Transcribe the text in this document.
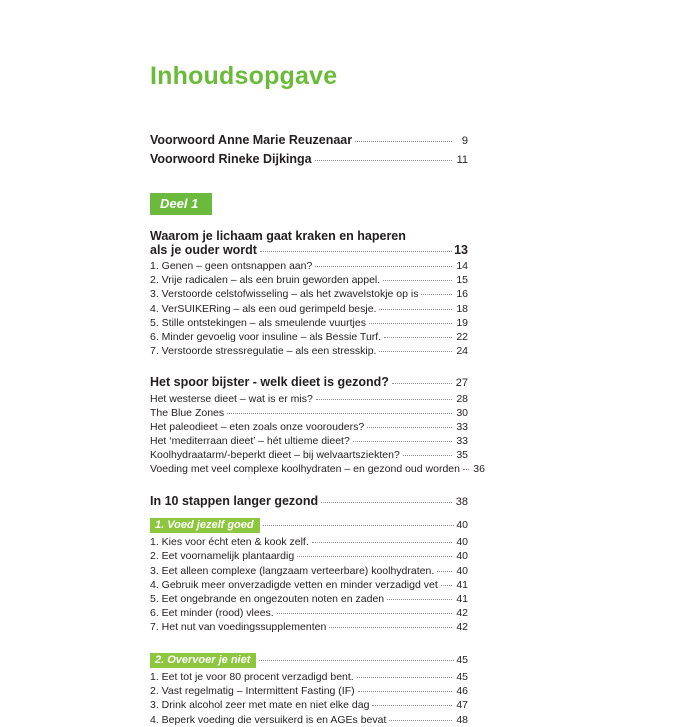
Inhoudsopgave
Voorwoord Anne Marie Reuzenaar	9
Voorwoord Rineke Dijkinga	11
Deel 1
Waarom je lichaam gaat kraken en haperen
als je ouder wordt	13
1. Genen – geen ontsnappen aan?	14
2. Vrije radicalen – als een bruin geworden appel.	15
3. Verstoorde celstofwisseling – als het zwavelstokje op is	16
4. VerSUIKERing – als een oud gerimpeld besje.	18
5. Stille ontstekingen – als smeulende vuurtjes	19
6. Minder gevoelig voor insuline – als Bessie Turf.	22
7. Verstoorde stressregulatie – als een stresskip.	24
Het spoor bijster - welk dieet is gezond?	27
Het westerse dieet – wat is er mis?	28
The Blue Zones	30
Het paleodieet – eten zoals onze voorouders?	33
Het ‘mediterraan dieet’ – hét ultieme dieet?	33
Koolhydraatarm/-beperkt dieet – bij welvaartsziekten?	35
Voeding met veel complexe koolhydraten – en gezond oud worden 36
In 10 stappen langer gezond	38
1. Voed jezelf goed	40
1. Kies voor écht eten & kook zelf.	40
2. Eet voornamelijk plantaardig	40
3. Eet alleen complexe (langzaam verteerbare) koolhydraten. 40
4. Gebruik meer onverzadigde vetten en minder verzadigd vet 41
5. Eet ongebrande en ongezouten noten en zaden	41
6. Eet minder (rood) vlees.	42
7. Het nut van voedingssupplementen	42
2. Overvoer je niet	45
1. Eet tot je voor 80 procent verzadigd bent.	45
2. Vast regelmatig – Intermittent Fasting (IF)	46
3. Drink alcohol zeer met mate en niet elke dag	47
4. Beperk voeding die versuikerd is en AGEs bevat	48
